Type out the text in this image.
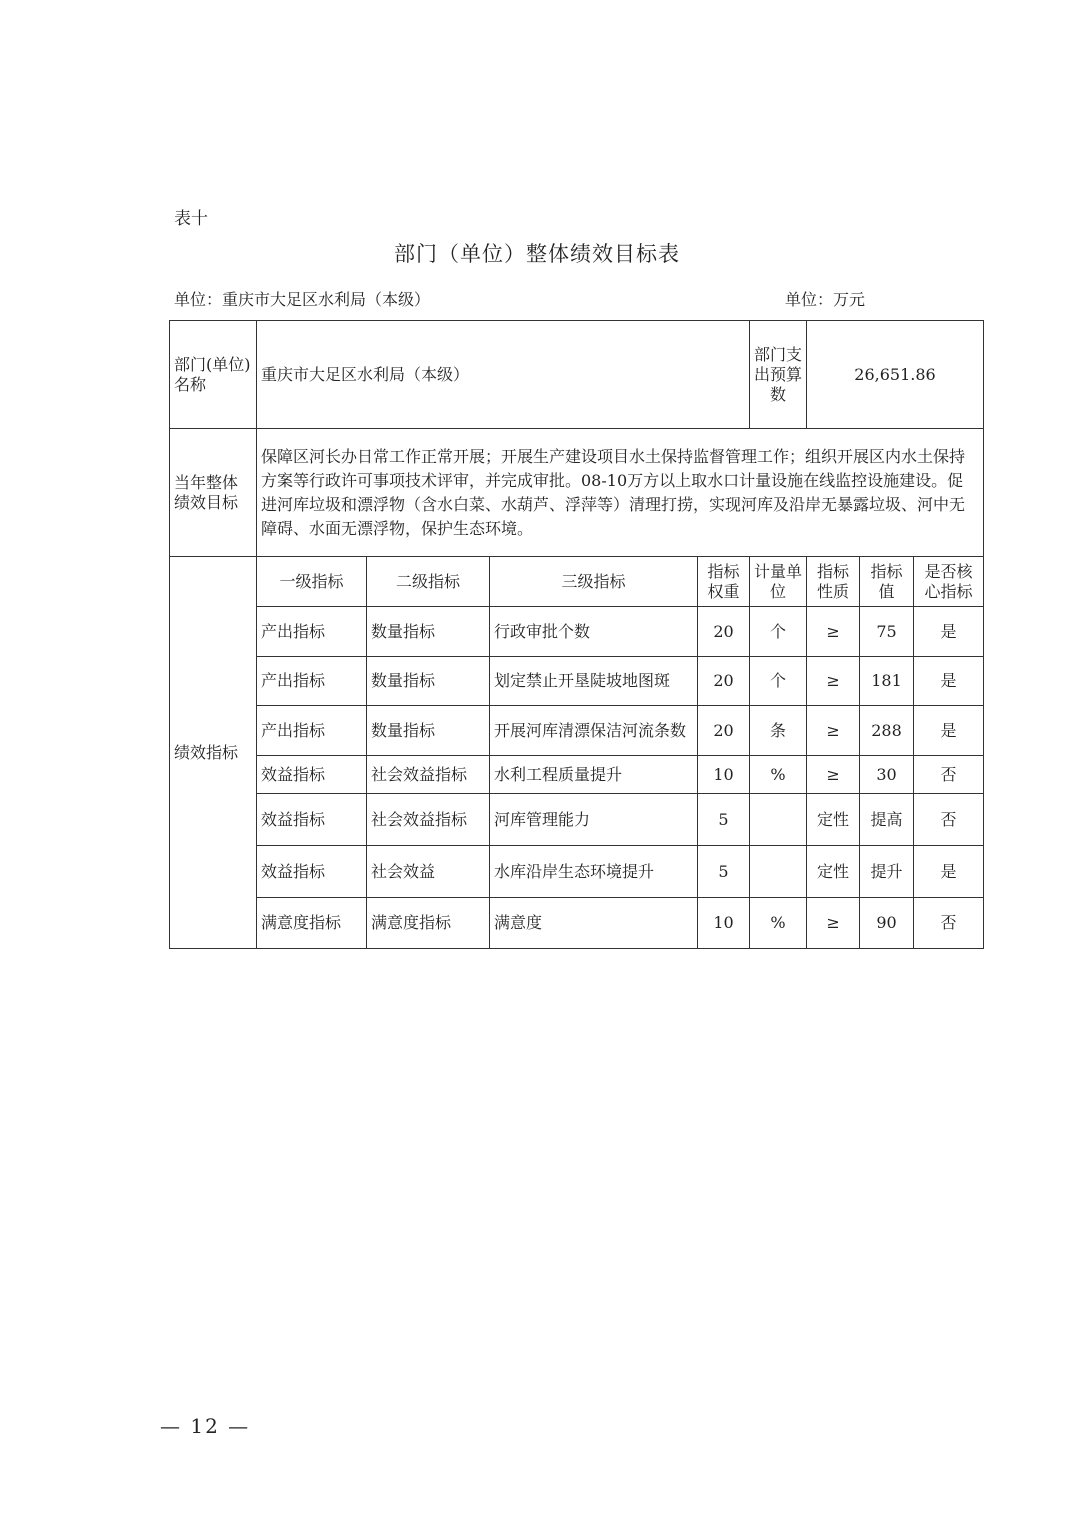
表十
部门（单位）整体绩效目标表
单位：重庆市大足区水利局（本级）	单位：万元
部门(单位)名称	重庆市大足区水利局（本级）				部门支出预算数	26,651.86		
当年整体绩效目标	保障区河长办日常工作正常开展；开展生产建设项目水土保持监督管理工作；组织开展区内水土保持方案等行政许可事项技术评审，并完成审批。08-10万方以上取水口计量设施在线监控设施建设。促进河库垃圾和漂浮物（含水白菜、水葫芦、浮萍等）清理打捞，实现河库及沿岸无暴露垃圾、河中无障碍、水面无漂浮物，保护生态环境。							
绩效指标	一级指标	二级指标	三级指标	指标权重	计量单位	指标性质	指标值	是否核心指标
	产出指标	数量指标	行政审批个数	20	个	≥	75	是
	产出指标	数量指标	划定禁止开垦陡坡地图斑	20	个	≥	181	是
	产出指标	数量指标	开展河库清漂保洁河流条数	20	条	≥	288	是
	效益指标	社会效益指标	水利工程质量提升	10	%	≥	30	否
	效益指标	社会效益指标	河库管理能力	5		定性	提高	否
	效益指标	社会效益	水库沿岸生态环境提升	5		定性	提升	是
	满意度指标	满意度指标	满意度	10	%	≥	90	否
— 12 —
